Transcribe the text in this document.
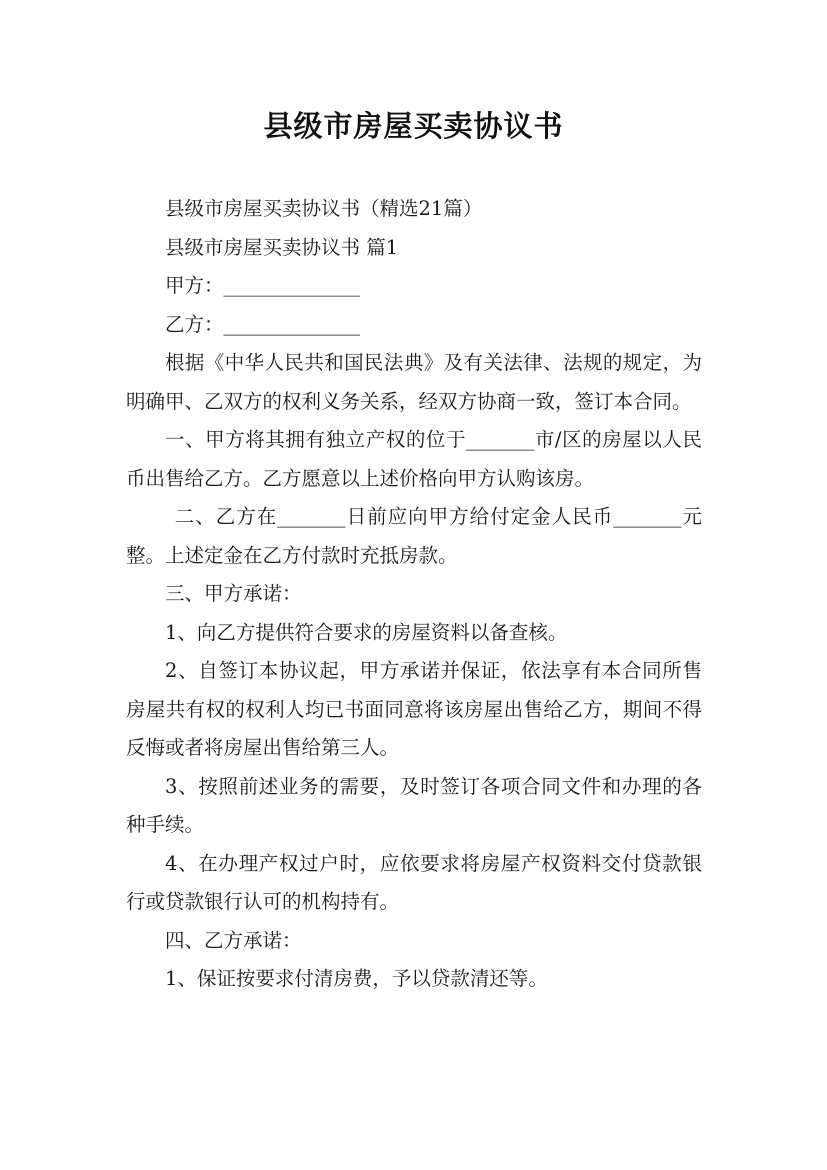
县级市房屋买卖协议书

县级市房屋买卖协议书（精选21篇）

县级市房屋买卖协议书 篇1

甲方：______________

乙方：______________

根据《中华人民共和国民法典》及有关法律、法规的规定，为明确甲、乙双方的权利义务关系，经双方协商一致，签订本合同。

一、甲方将其拥有独立产权的位于_______市/区的房屋以人民币出售给乙方。乙方愿意以上述价格向甲方认购该房。

二、乙方在_______日前应向甲方给付定金人民币_______元整。上述定金在乙方付款时充抵房款。

三、甲方承诺：

1、向乙方提供符合要求的房屋资料以备查核。

2、自签订本协议起，甲方承诺并保证，依法享有本合同所售房屋共有权的权利人均已书面同意将该房屋出售给乙方，期间不得反悔或者将房屋出售给第三人。

3、按照前述业务的需要，及时签订各项合同文件和办理的各种手续。

4、在办理产权过户时，应依要求将房屋产权资料交付贷款银行或贷款银行认可的机构持有。

四、乙方承诺：

1、保证按要求付清房费，予以贷款清还等。
